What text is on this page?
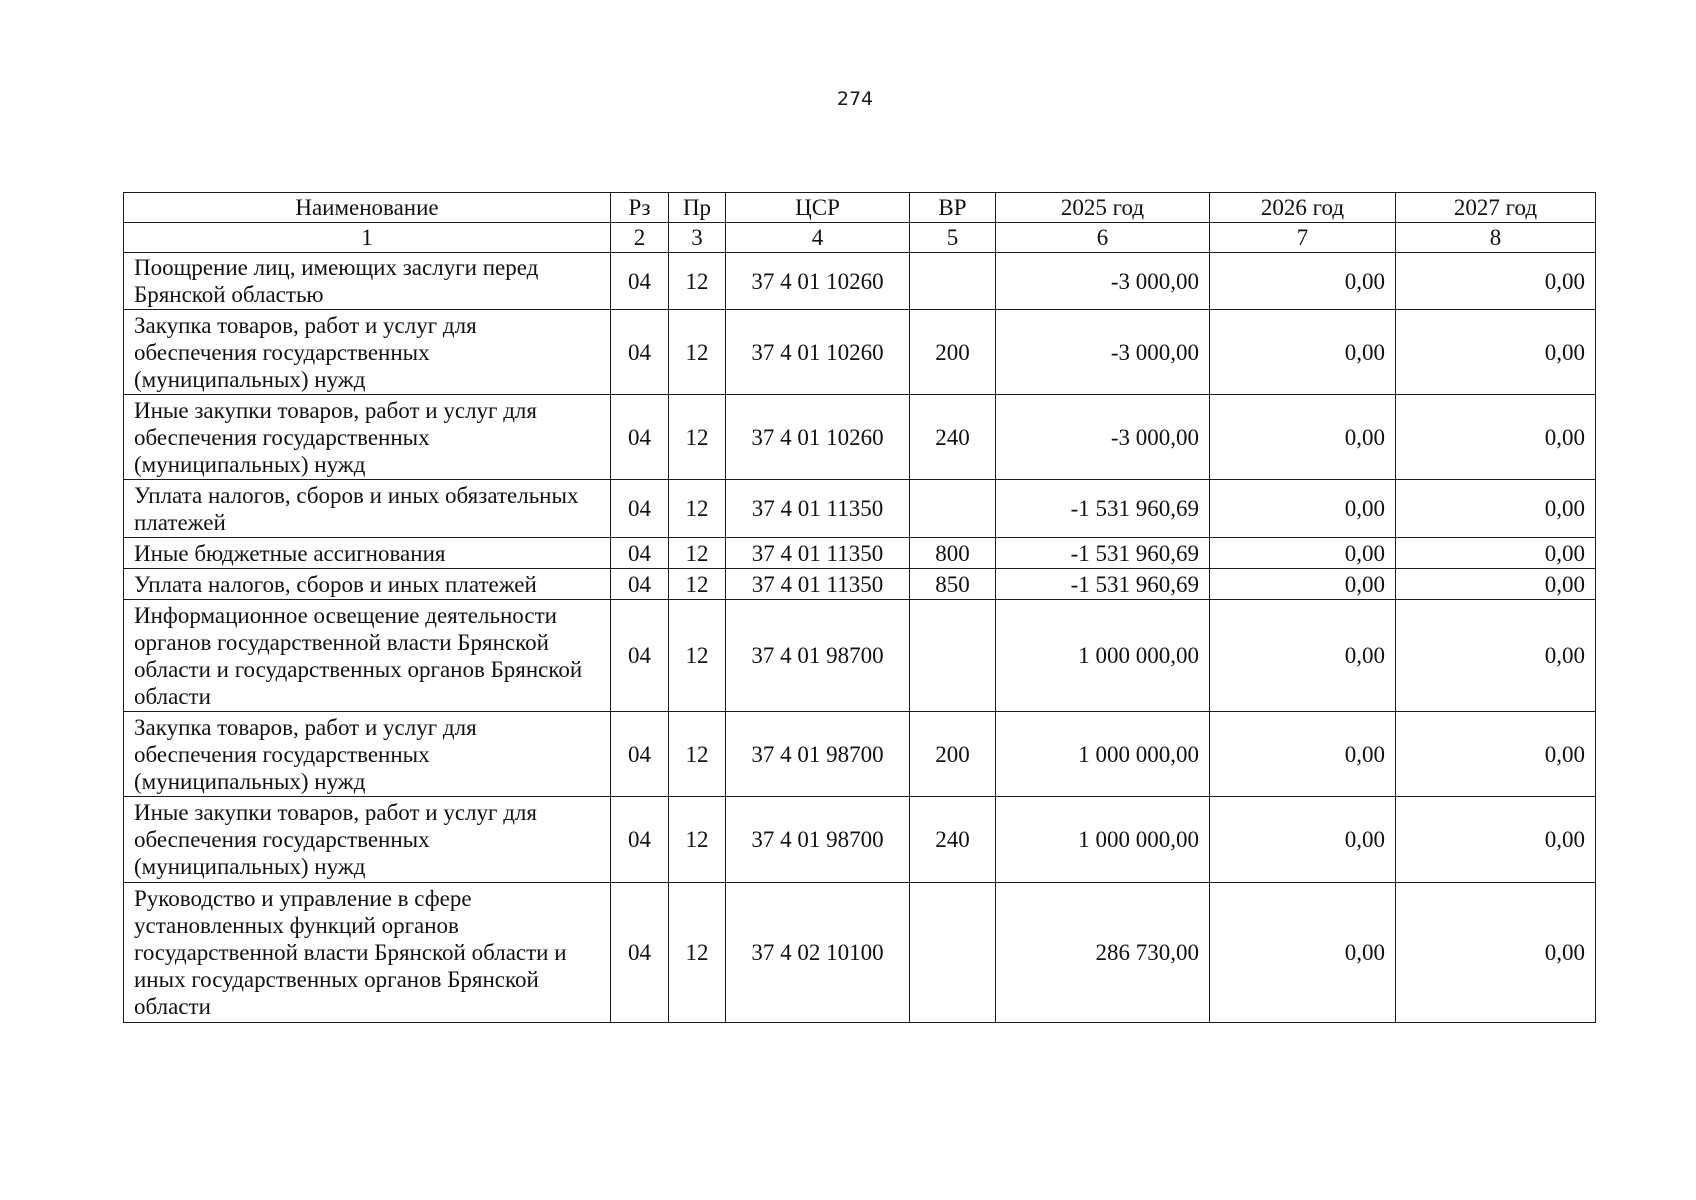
274
Наименование	Рз	Пр	ЦСР	ВР	2025 год	2026 год	2027 год
1	2	3	4	5	6	7	8
Поощрение лиц, имеющих заслуги перед Брянской областью	04	12	37 4 01 10260		-3 000,00	0,00	0,00
Закупка товаров, работ и услуг для обеспечения государственных (муниципальных) нужд	04	12	37 4 01 10260	200	-3 000,00	0,00	0,00
Иные закупки товаров, работ и услуг для обеспечения государственных (муниципальных) нужд	04	12	37 4 01 10260	240	-3 000,00	0,00	0,00
Уплата налогов, сборов и иных обязательных платежей	04	12	37 4 01 11350		-1 531 960,69	0,00	0,00
Иные бюджетные ассигнования	04	12	37 4 01 11350	800	-1 531 960,69	0,00	0,00
Уплата налогов, сборов и иных платежей	04	12	37 4 01 11350	850	-1 531 960,69	0,00	0,00
Информационное освещение деятельности органов государственной власти Брянской области и государственных органов Брянской области	04	12	37 4 01 98700		1 000 000,00	0,00	0,00
Закупка товаров, работ и услуг для обеспечения государственных (муниципальных) нужд	04	12	37 4 01 98700	200	1 000 000,00	0,00	0,00
Иные закупки товаров, работ и услуг для обеспечения государственных (муниципальных) нужд	04	12	37 4 01 98700	240	1 000 000,00	0,00	0,00
Руководство и управление в сфере установленных функций органов государственной власти Брянской области и иных государственных органов Брянской области	04	12	37 4 02 10100		286 730,00	0,00	0,00
